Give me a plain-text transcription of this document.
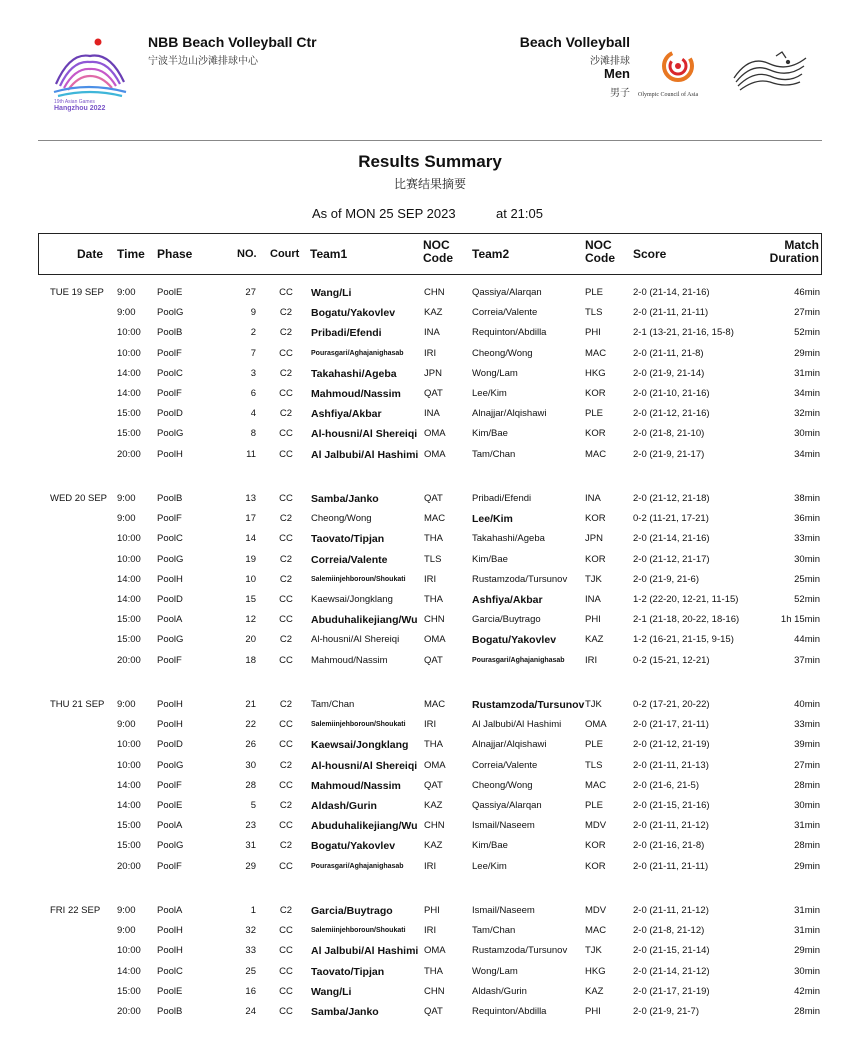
19th Asian Games
Hangzhou 2022
NBB Beach Volleyball Ctr
宁波半边山沙滩排球中心
Beach Volleyball
沙滩排球
Men
男子 Olympic Council of Asia
Results Summary
比赛结果摘要
As of MON 25 SEP 2023	at 21:05
Date Time Phase	NO. Court Team1
NOC
Code Team2
NOC
Code Score
Match
Duration
TUE 19 SEP 9:00 PoolE	27	CC	Wang/Li	CHN	Qassiya/Alarqan	PLE	2-0 (21-14, 21-16)	46min
9:00 PoolG	9	C2	Bogatu/Yakovlev	KAZ	Correia/Valente	TLS	2-0 (21-11, 21-11)	27min
10:00 PoolB	2	C2	Pribadi/Efendi	INA	Requinton/Abdilla	PHI	2-1 (13-21, 21-16, 15-8)	52min
10:00 PoolF	7	CC	Pourasgari/Aghajanighasab IRI	Cheong/Wong	MAC	2-0 (21-11, 21-8)	29min
14:00 PoolC	3	C2	Takahashi/Ageba	JPN	Wong/Lam	HKG	2-0 (21-9, 21-14)	31min
14:00 PoolF	6	CC	Mahmoud/Nassim QAT	Lee/Kim	KOR	2-0 (21-10, 21-16)	34min
15:00 PoolD	4	C2	Ashfiya/Akbar	INA	Alnajjar/Alqishawi	PLE	2-0 (21-12, 21-16)	32min
15:00 PoolG	8	CC	Al-housni/Al Shereiqi OMA	Kim/Bae	KOR	2-0 (21-8, 21-10)	30min
20:00 PoolH	11	CC	Al Jalbubi/Al Hashimi OMA	Tam/Chan	MAC	2-0 (21-9, 21-17)	34min
WED 20 SEP 9:00 PoolB	13	CC	Samba/Janko	QAT	Pribadi/Efendi	INA	2-0 (21-12, 21-18)	38min
9:00 PoolF	17	C2	Cheong/Wong	MAC	Lee/Kim	KOR	0-2 (11-21, 17-21)	36min
10:00 PoolC	14	CC	Taovato/Tipjan	THA	Takahashi/Ageba	JPN	2-0 (21-14, 21-16)	33min
10:00 PoolG	19	C2	Correia/Valente	TLS	Kim/Bae	KOR	2-0 (21-12, 21-17)	30min
14:00 PoolH	10	C2	Salemiinjehboroun/Shoukati IRI	Rustamzoda/Tursunov TJK	2-0 (21-9, 21-6)	25min
14:00 PoolD	15	CC	Kaewsai/Jongklang	THA	Ashfiya/Akbar	INA	1-2 (22-20, 12-21, 11-15)	52min
15:00 PoolA	12	CC	Abuduhalikejiang/Wu CHN	Garcia/Buytrago	PHI	2-1 (21-18, 20-22, 18-16)	1h 15min
15:00 PoolG	20	C2	Al-housni/Al Shereiqi	OMA	Bogatu/Yakovlev	KAZ	1-2 (16-21, 21-15, 9-15)	44min
20:00 PoolF	18	CC	Mahmoud/Nassim	QAT	Pourasgari/Aghajanighasab IRI	0-2 (15-21, 12-21)	37min
THU 21 SEP 9:00 PoolH	21	C2	Tam/Chan	MAC	Rustamzoda/Tursunov TJK	0-2 (17-21, 20-22)	40min
9:00 PoolH	22	CC	Salemiinjehboroun/Shoukati IRI	Al Jalbubi/Al Hashimi	OMA	2-0 (21-17, 21-11)	33min
10:00 PoolD	26	CC	Kaewsai/Jongklang THA	Alnajjar/Alqishawi	PLE	2-0 (21-12, 21-19)	39min
10:00 PoolG	30	C2	Al-housni/Al Shereiqi OMA	Correia/Valente	TLS	2-0 (21-11, 21-13)	27min
14:00 PoolF	28	CC	Mahmoud/Nassim QAT	Cheong/Wong	MAC	2-0 (21-6, 21-5)	28min
14:00 PoolE	5	C2	Aldash/Gurin	KAZ	Qassiya/Alarqan	PLE	2-0 (21-15, 21-16)	30min
15:00 PoolA	23	CC	Abuduhalikejiang/Wu CHN	Ismail/Naseem	MDV	2-0 (21-11, 21-12)	31min
15:00 PoolG	31	C2	Bogatu/Yakovlev	KAZ	Kim/Bae	KOR	2-0 (21-16, 21-8)	28min
20:00 PoolF	29	CC	Pourasgari/Aghajanighasab IRI	Lee/Kim	KOR	2-0 (21-11, 21-11)	29min
FRI 22 SEP 9:00 PoolA	1	C2	Garcia/Buytrago	PHI	Ismail/Naseem	MDV	2-0 (21-11, 21-12)	31min
9:00 PoolH	32	CC	Salemiinjehboroun/Shoukati IRI	Tam/Chan	MAC	2-0 (21-8, 21-12)	31min
10:00 PoolH	33	CC	Al Jalbubi/Al Hashimi OMA	Rustamzoda/Tursunov TJK	2-0 (21-15, 21-14)	29min
14:00 PoolC	25	CC	Taovato/Tipjan	THA	Wong/Lam	HKG	2-0 (21-14, 21-12)	30min
15:00 PoolE	16	CC	Wang/Li	CHN	Aldash/Gurin	KAZ	2-0 (21-17, 21-19)	42min
20:00 PoolB	24	CC	Samba/Janko	QAT	Requinton/Abdilla	PHI	2-0 (21-9, 21-7)	28min
